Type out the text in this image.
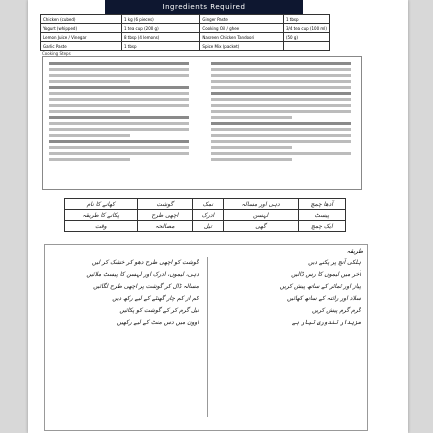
Ingredients Required
Chicken (cubed)	1 kg (6 pieces)	Ginger Paste	1 tbsp
Yogurt (whipped)	1 tea cup (200 g)	Cooking Oil / ghee	3/4 tea cup (100 ml)
Lemon Juice / Vinegar	8 tbsp (4 lemons)	Nasreen Chicken Tandoori	(50 g)
Garlic Paste	1 tbsp	Spice Mix (packet)	
Cooking Steps
کھانے کا نام	گوشت	نمک	دہی اور مسالہ	آدھا چمچ
پکانے کا طریقہ	اچھی طرح	ادرک	لہسن	پیسٹ
وقت	مصالحہ	تیل	گھی	ایک چمچ
طریقہ
گوشت کو اچھی طرح دھو کر خشک کر لیں
دہی، لیموں، ادرک اور لہسن کا پیسٹ ملائیں
مسالہ ڈال کر گوشت پر اچھی طرح لگائیں
کم از کم چار گھنٹے کے لیے رکھ دیں
تیل گرم کر کے گوشت کو پکائیں
اوون میں دس منٹ کے لیے رکھیں
ہلکی آنچ پر پکنے دیں
آخر میں لیموں کا رس ڈالیں
پیاز اور ٹماٹر کے ساتھ پیش کریں
سلاد اور رائتہ کے ساتھ کھائیں
گرم گرم پیش کریں
مزیدار تندوری تیار ہے
